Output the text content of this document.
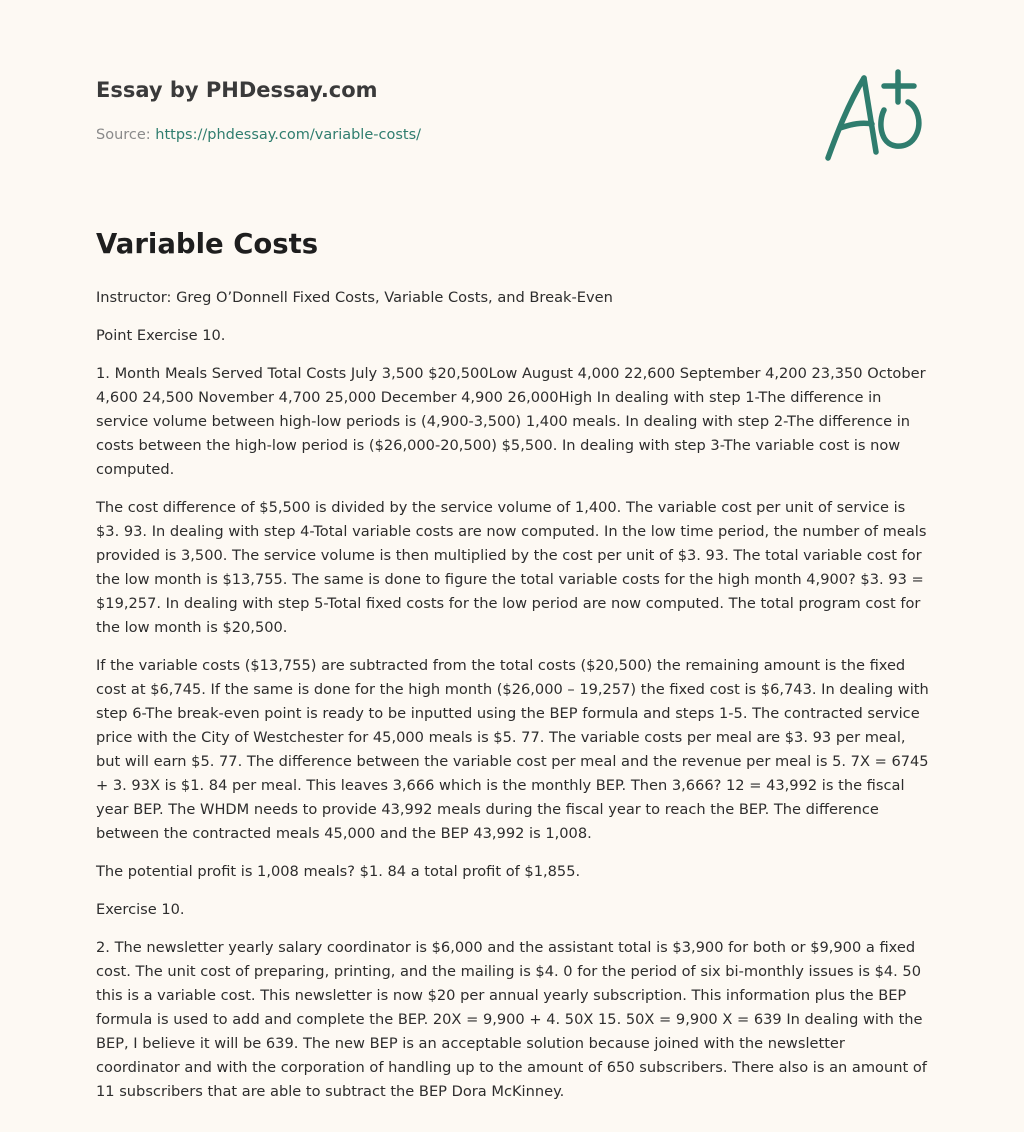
Essay by PHDessay.com
Source: https://phdessay.com/variable-costs/
Variable Costs

Instructor: Greg O’Donnell Fixed Costs, Variable Costs, and Break-Even

Point Exercise 10.

1. Month Meals Served Total Costs July 3,500 $20,500Low August 4,000 22,600 September 4,200 23,350 October 4,600 24,500 November 4,700 25,000 December 4,900 26,000High In dealing with step 1-The difference in service volume between high-low periods is (4,900-3,500) 1,400 meals. In dealing with step 2-The difference in costs between the high-low period is ($26,000-20,500) $5,500. In dealing with step 3-The variable cost is now computed.

The cost difference of $5,500 is divided by the service volume of 1,400. The variable cost per unit of service is $3. 93. In dealing with step 4-Total variable costs are now computed. In the low time period, the number of meals provided is 3,500. The service volume is then multiplied by the cost per unit of $3. 93. The total variable cost for the low month is $13,755. The same is done to figure the total variable costs for the high month 4,900? $3. 93 = $19,257. In dealing with step 5-Total fixed costs for the low period are now computed. The total program cost for the low month is $20,500.

If the variable costs ($13,755) are subtracted from the total costs ($20,500) the remaining amount is the fixed cost at $6,745. If the same is done for the high month ($26,000 – 19,257) the fixed cost is $6,743. In dealing with step 6-The break-even point is ready to be inputted using the BEP formula and steps 1-5. The contracted service price with the City of Westchester for 45,000 meals is $5. 77. The variable costs per meal are $3. 93 per meal, but will earn $5. 77. The difference between the variable cost per meal and the revenue per meal is 5. 7X = 6745 + 3. 93X is $1. 84 per meal. This leaves 3,666 which is the monthly BEP. Then 3,666? 12 = 43,992 is the fiscal year BEP. The WHDM needs to provide 43,992 meals during the fiscal year to reach the BEP. The difference between the contracted meals 45,000 and the BEP 43,992 is 1,008.

The potential profit is 1,008 meals? $1. 84 a total profit of $1,855.

Exercise 10.

2. The newsletter yearly salary coordinator is $6,000 and the assistant total is $3,900 for both or $9,900 a fixed cost. The unit cost of preparing, printing, and the mailing is $4. 0 for the period of six bi-monthly issues is $4. 50 this is a variable cost. This newsletter is now $20 per annual yearly subscription. This information plus the BEP formula is used to add and complete the BEP. 20X = 9,900 + 4. 50X 15. 50X = 9,900 X = 639 In dealing with the BEP, I believe it will be 639. The new BEP is an acceptable solution because joined with the newsletter coordinator and with the corporation of handling up to the amount of 650 subscribers. There also is an amount of 11 subscribers that are able to subtract the BEP Dora McKinney.
